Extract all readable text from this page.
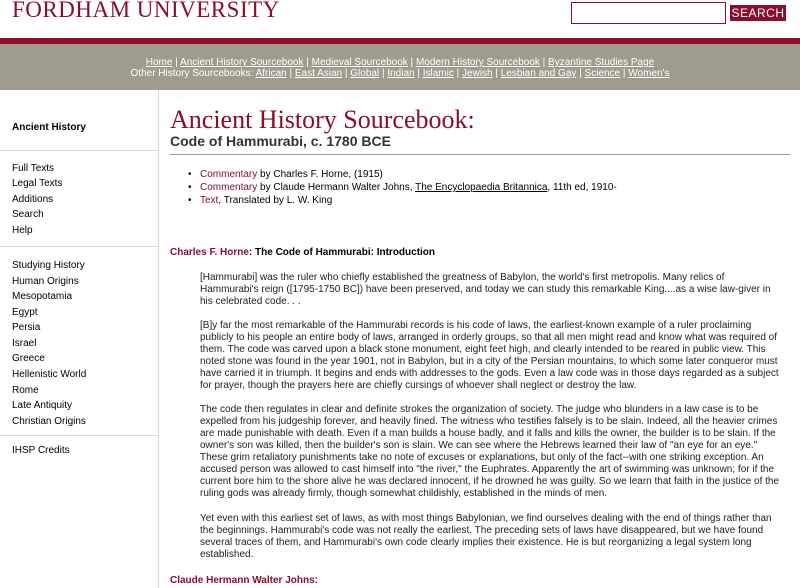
FORDHAM UNIVERSITY	SEARCH
Home | Ancient History Sourcebook | Medieval Sourcebook | Modern History Sourcebook | Byzantine Studies Page
Other History Sourcebooks: African | East Asian | Global | Indian | Islamic | Jewish | Lesbian and Gay | Science | Women's
Ancient History
Full Texts
Legal Texts
Additions
Search
Help
Studying History
Human Origins
Mesopotamia
Egypt
Persia
Israel
Greece
Hellenistic World
Rome
Late Antiquity
Christian Origins
IHSP Credits
Ancient History Sourcebook:
Code of Hammurabi, c. 1780 BCE
• Commentary by Charles F. Horne, (1915)
• Commentary by Claude Hermann Walter Johns, The Encyclopaedia Britannica, 11th ed, 1910-
• Text, Translated by L. W. King
Charles F. Horne: The Code of Hammurabi: Introduction

[Hammurabi] was the ruler who chiefly established the greatness of Babylon, the world's first metropolis. Many relics of Hammurabi's reign ([1795-1750 BC]) have been preserved, and today we can study this remarkable King....as a wise law-giver in his celebrated code. . .

[B]y far the most remarkable of the Hammurabi records is his code of laws, the earliest-known example of a ruler proclaiming publicly to his people an entire body of laws, arranged in orderly groups, so that all men might read and know what was required of them. The code was carved upon a black stone monument, eight feet high, and clearly intended to be reared in public view. This noted stone was found in the year 1901, not in Babylon, but in a city of the Persian mountains, to which some later conqueror must have carried it in triumph. It begins and ends with addresses to the gods. Even a law code was in those days regarded as a subject for prayer, though the prayers here are chiefly cursings of whoever shall neglect or destroy the law.

The code then regulates in clear and definite strokes the organization of society. The judge who blunders in a law case is to be expelled from his judgeship forever, and heavily fined. The witness who testifies falsely is to be slain. Indeed, all the heavier crimes are made punishable with death. Even if a man builds a house badly, and it falls and kills the owner, the builder is to be slain. If the owner's son was killed, then the builder's son is slain. We can see where the Hebrews learned their law of "an eye for an eye." These grim retaliatory punishments take no note of excuses or explanations, but only of the fact--with one striking exception. An accused person was allowed to cast himself into "the river," the Euphrates. Apparently the art of swimming was unknown; for if the current bore him to the shore alive he was declared innocent, if he drowned he was guilty. So we learn that faith in the justice of the ruling gods was already firmly, though somewhat childishly, established in the minds of men.

Yet even with this earliest set of laws, as with most things Babylonian, we find ourselves dealing with the end of things rather than the beginnings. Hammurabi's code was not really the earliest. The preceding sets of laws have disappeared, but we have found several traces of them, and Hammurabi's own code clearly implies their existence. He is but reorganizing a legal system long established.

Claude Hermann Walter Johns:
